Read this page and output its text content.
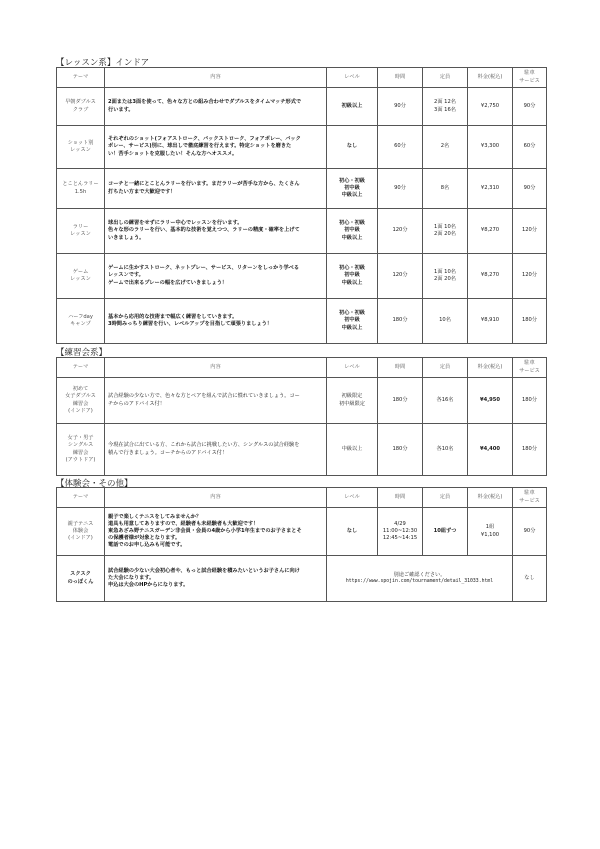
【レッスン系】インドア
テーマ	内容	レベル	時間	定員	料金(税込)	駐車
サービス

早朝ダブルス
クラブ	2面または3面を使って、色々な方との組み合わせでダブルスをタイムマッチ形式で
行います。	初級以上	90分	2面 12名
3面 16名	¥2,750	90分

ショット別
レッスン	それぞれのショット(フォアストローク、バックストローク、フォアボレー、バック
ボレー、サービス)別に、球出しで徹底練習を行えます。特定ショットを磨きた
い！苦手ショットを克服したい！そんな方へオススメ。	なし	60分	2名	¥3,300	60分

とことんラリー
1.5h	コーチと一緒にとことんラリーを行います。まだラリーが苦手な方から、たくさん
打ちたい方まで大歓迎です！	初心・初級
初中級
中級以上	90分	8名	¥2,310	90分

ラリー
レッスン	球出しの練習をせずにラリー中心でレッスンを行います。
色々な形のラリーを行い、基本的な技術を覚えつつ、ラリーの精度・確率を上げて
いきましょう。	初心・初級
初中級
中級以上	120分	1面 10名
2面 20名	¥8,270	120分

ゲーム
レッスン	ゲームに生かすストローク、ネットプレー、サービス、リターンをしっかり学べる
レッスンです。
ゲームで出来るプレーの幅を広げていきましょう！	初心・初級
初中級
中級以上	120分	1面 10名
2面 20名	¥8,270	120分

ハーフday
キャンプ	基本から応用的な技術まで幅広く練習をしていきます。
3時間みっちり練習を行い、レベルアップを目指して頑張りましょう！	初心・初級
初中級
中級以上	180分	10名	¥8,910	180分
【練習会系】
テーマ	内容	レベル	時間	定員	料金(税込)	駐車
サービス

初めて
女子ダブルス
練習会
(インドア)	試合経験の少ない方で、色々な方とペアを組んで試合に慣れていきましょう。コー
チからのアドバイス付！	初級限定
初中級限定	180分	各16名	¥4,950	180分

女子・男子
シングルス
練習会
(アウトドア)	今現在試合に出ている方、これから試合に挑戦したい方、シングルスの試合経験を
積んで行きましょう。コーチからのアドバイス付！	中級以上	180分	各10名	¥4,400	180分
【体験会・その他】
テーマ	内容	レベル	時間	定員	料金(税込)	駐車
サービス

親子テニス
体験会
(インドア)	親子で楽しくテニスをしてみませんか？
道具も用意してありますので、経験者も未経験者も大歓迎です！
東急あざみ野テニスガーデン非会員・会員の4歳から小学1年生までのお子さまとそ
の保護者様が対象となります。
電話でのお申し込みも可能です。	なし	4/29
11:00~12:30
12:45~14:15	10組ずつ	1組
¥1,100	90分

スクスク
のっぽくん	試合経験の少ない大会初心者や、もっと試合経験を積みたいというお子さんに向け
た大会になります。
申込は大会のHPからになります。	別途ご確認ください。
https://www.spojin.com/tournament/detail_31033.html				なし
